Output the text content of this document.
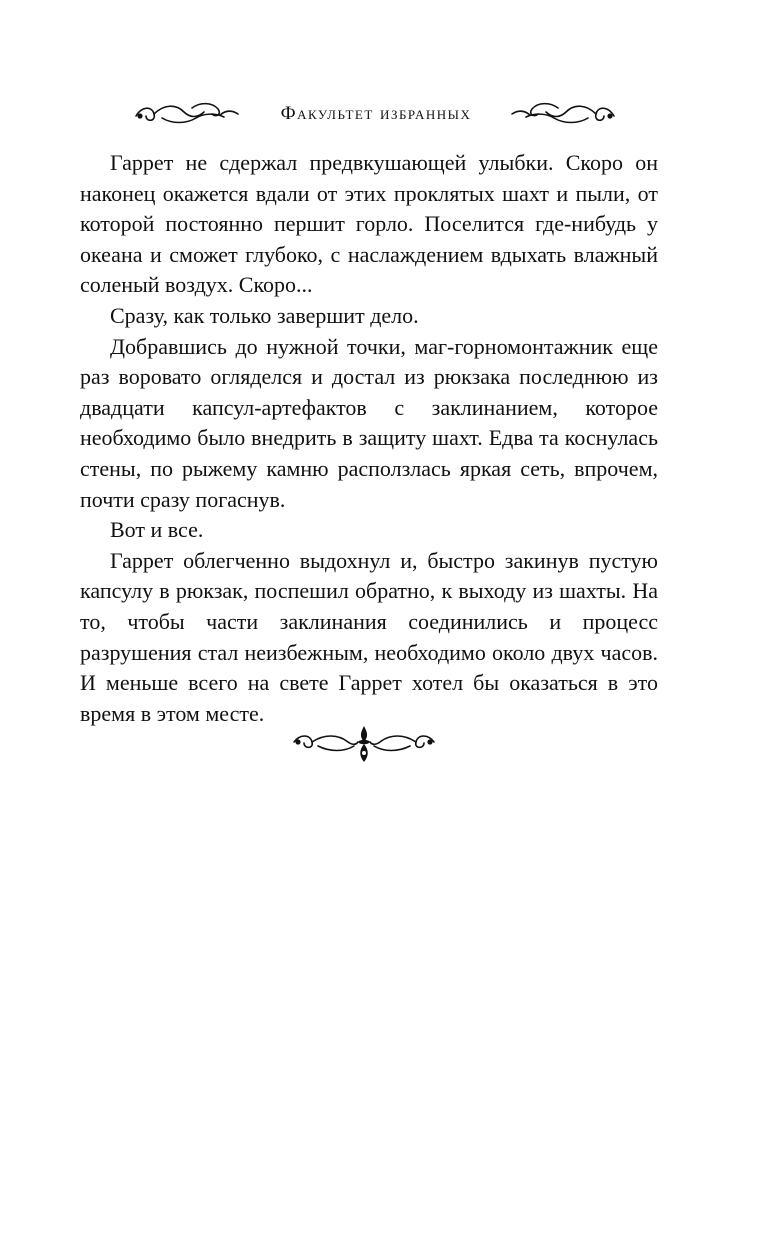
Факультет избранных

Гаррет не сдержал предвкушающей улыбки. Скоро он наконец окажется вдали от этих проклятых шахт и пыли, от которой постоянно першит горло. Поселится где-нибудь у океана и сможет глубоко, с наслаждением вдыхать влажный соленый воздух. Скоро...

Сразу, как только завершит дело.

Добравшись до нужной точки, маг-горномонтажник еще раз воровато огляделся и достал из рюкзака последнюю из двадцати капсул-артефактов с заклинанием, которое необходимо было внедрить в защиту шахт. Едва та коснулась стены, по рыжему камню расползлась яркая сеть, впрочем, почти сразу погаснув.

Вот и все.

Гаррет облегченно выдохнул и, быстро закинув пустую капсулу в рюкзак, поспешил обратно, к выходу из шахты. На то, чтобы части заклинания соединились и процесс разрушения стал неизбежным, необходимо около двух часов. И меньше всего на свете Гаррет хотел бы оказаться в это время в этом месте.
